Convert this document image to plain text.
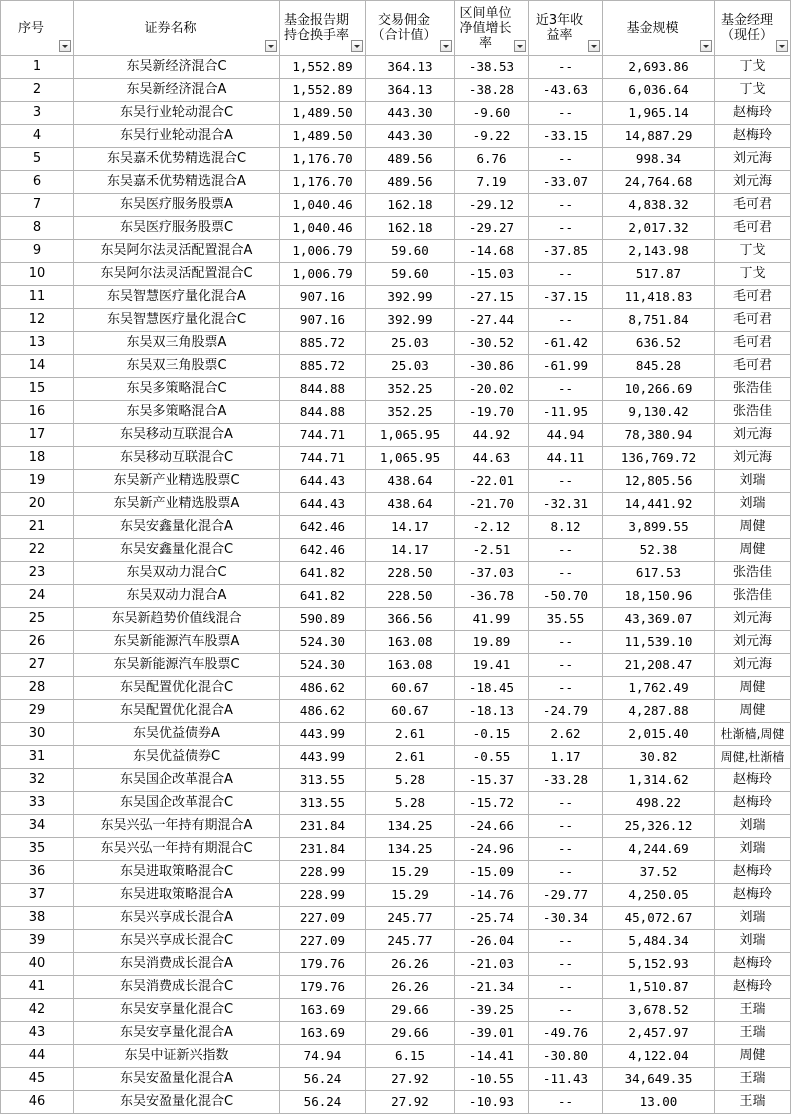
序号	证券名称	基金报告期持仓换手率	交易佣金（合计值）	区间单位净值增长率	近3年收益率	基金规模	基金经理（现任）

1	东吴新经济混合C	1,552.89	364.13	-38.53	--	2,693.86	丁戈
2	东吴新经济混合A	1,552.89	364.13	-38.28	-43.63	6,036.64	丁戈
3	东吴行业轮动混合C	1,489.50	443.30	-9.60	--	1,965.14	赵梅玲
4	东吴行业轮动混合A	1,489.50	443.30	-9.22	-33.15	14,887.29	赵梅玲
5	东吴嘉禾优势精选混合C	1,176.70	489.56	6.76	--	998.34	刘元海
6	东吴嘉禾优势精选混合A	1,176.70	489.56	7.19	-33.07	24,764.68	刘元海
7	东吴医疗服务股票A	1,040.46	162.18	-29.12	--	4,838.32	毛可君
8	东吴医疗服务股票C	1,040.46	162.18	-29.27	--	2,017.32	毛可君
9	东吴阿尔法灵活配置混合A	1,006.79	59.60	-14.68	-37.85	2,143.98	丁戈
10	东吴阿尔法灵活配置混合C	1,006.79	59.60	-15.03	--	517.87	丁戈
11	东吴智慧医疗量化混合A	907.16	392.99	-27.15	-37.15	11,418.83	毛可君
12	东吴智慧医疗量化混合C	907.16	392.99	-27.44	--	8,751.84	毛可君
13	东吴双三角股票A	885.72	25.03	-30.52	-61.42	636.52	毛可君
14	东吴双三角股票C	885.72	25.03	-30.86	-61.99	845.28	毛可君
15	东吴多策略混合C	844.88	352.25	-20.02	--	10,266.69	张浩佳
16	东吴多策略混合A	844.88	352.25	-19.70	-11.95	9,130.42	张浩佳
17	东吴移动互联混合A	744.71	1,065.95	44.92	44.94	78,380.94	刘元海
18	东吴移动互联混合C	744.71	1,065.95	44.63	44.11	136,769.72	刘元海
19	东吴新产业精选股票C	644.43	438.64	-22.01	--	12,805.56	刘瑞
20	东吴新产业精选股票A	644.43	438.64	-21.70	-32.31	14,441.92	刘瑞
21	东吴安鑫量化混合A	642.46	14.17	-2.12	8.12	3,899.55	周健
22	东吴安鑫量化混合C	642.46	14.17	-2.51	--	52.38	周健
23	东吴双动力混合C	641.82	228.50	-37.03	--	617.53	张浩佳
24	东吴双动力混合A	641.82	228.50	-36.78	-50.70	18,150.96	张浩佳
25	东吴新趋势价值线混合	590.89	366.56	41.99	35.55	43,369.07	刘元海
26	东吴新能源汽车股票A	524.30	163.08	19.89	--	11,539.10	刘元海
27	东吴新能源汽车股票C	524.30	163.08	19.41	--	21,208.47	刘元海
28	东吴配置优化混合C	486.62	60.67	-18.45	--	1,762.49	周健
29	东吴配置优化混合A	486.62	60.67	-18.13	-24.79	4,287.88	周健
30	东吴优益债券A	443.99	2.61	-0.15	2.62	2,015.40	杜渐樯,周健
31	东吴优益债券C	443.99	2.61	-0.55	1.17	30.82	周健,杜渐樯
32	东吴国企改革混合A	313.55	5.28	-15.37	-33.28	1,314.62	赵梅玲
33	东吴国企改革混合C	313.55	5.28	-15.72	--	498.22	赵梅玲
34	东吴兴弘一年持有期混合A	231.84	134.25	-24.66	--	25,326.12	刘瑞
35	东吴兴弘一年持有期混合C	231.84	134.25	-24.96	--	4,244.69	刘瑞
36	东吴进取策略混合C	228.99	15.29	-15.09	--	37.52	赵梅玲
37	东吴进取策略混合A	228.99	15.29	-14.76	-29.77	4,250.05	赵梅玲
38	东吴兴享成长混合A	227.09	245.77	-25.74	-30.34	45,072.67	刘瑞
39	东吴兴享成长混合C	227.09	245.77	-26.04	--	5,484.34	刘瑞
40	东吴消费成长混合A	179.76	26.26	-21.03	--	5,152.93	赵梅玲
41	东吴消费成长混合C	179.76	26.26	-21.34	--	1,510.87	赵梅玲
42	东吴安享量化混合C	163.69	29.66	-39.25	--	3,678.52	王瑞
43	东吴安享量化混合A	163.69	29.66	-39.01	-49.76	2,457.97	王瑞
44	东吴中证新兴指数	74.94	6.15	-14.41	-30.80	4,122.04	周健
45	东吴安盈量化混合A	56.24	27.92	-10.55	-11.43	34,649.35	王瑞
46	东吴安盈量化混合C	56.24	27.92	-10.93	--	13.00	王瑞
